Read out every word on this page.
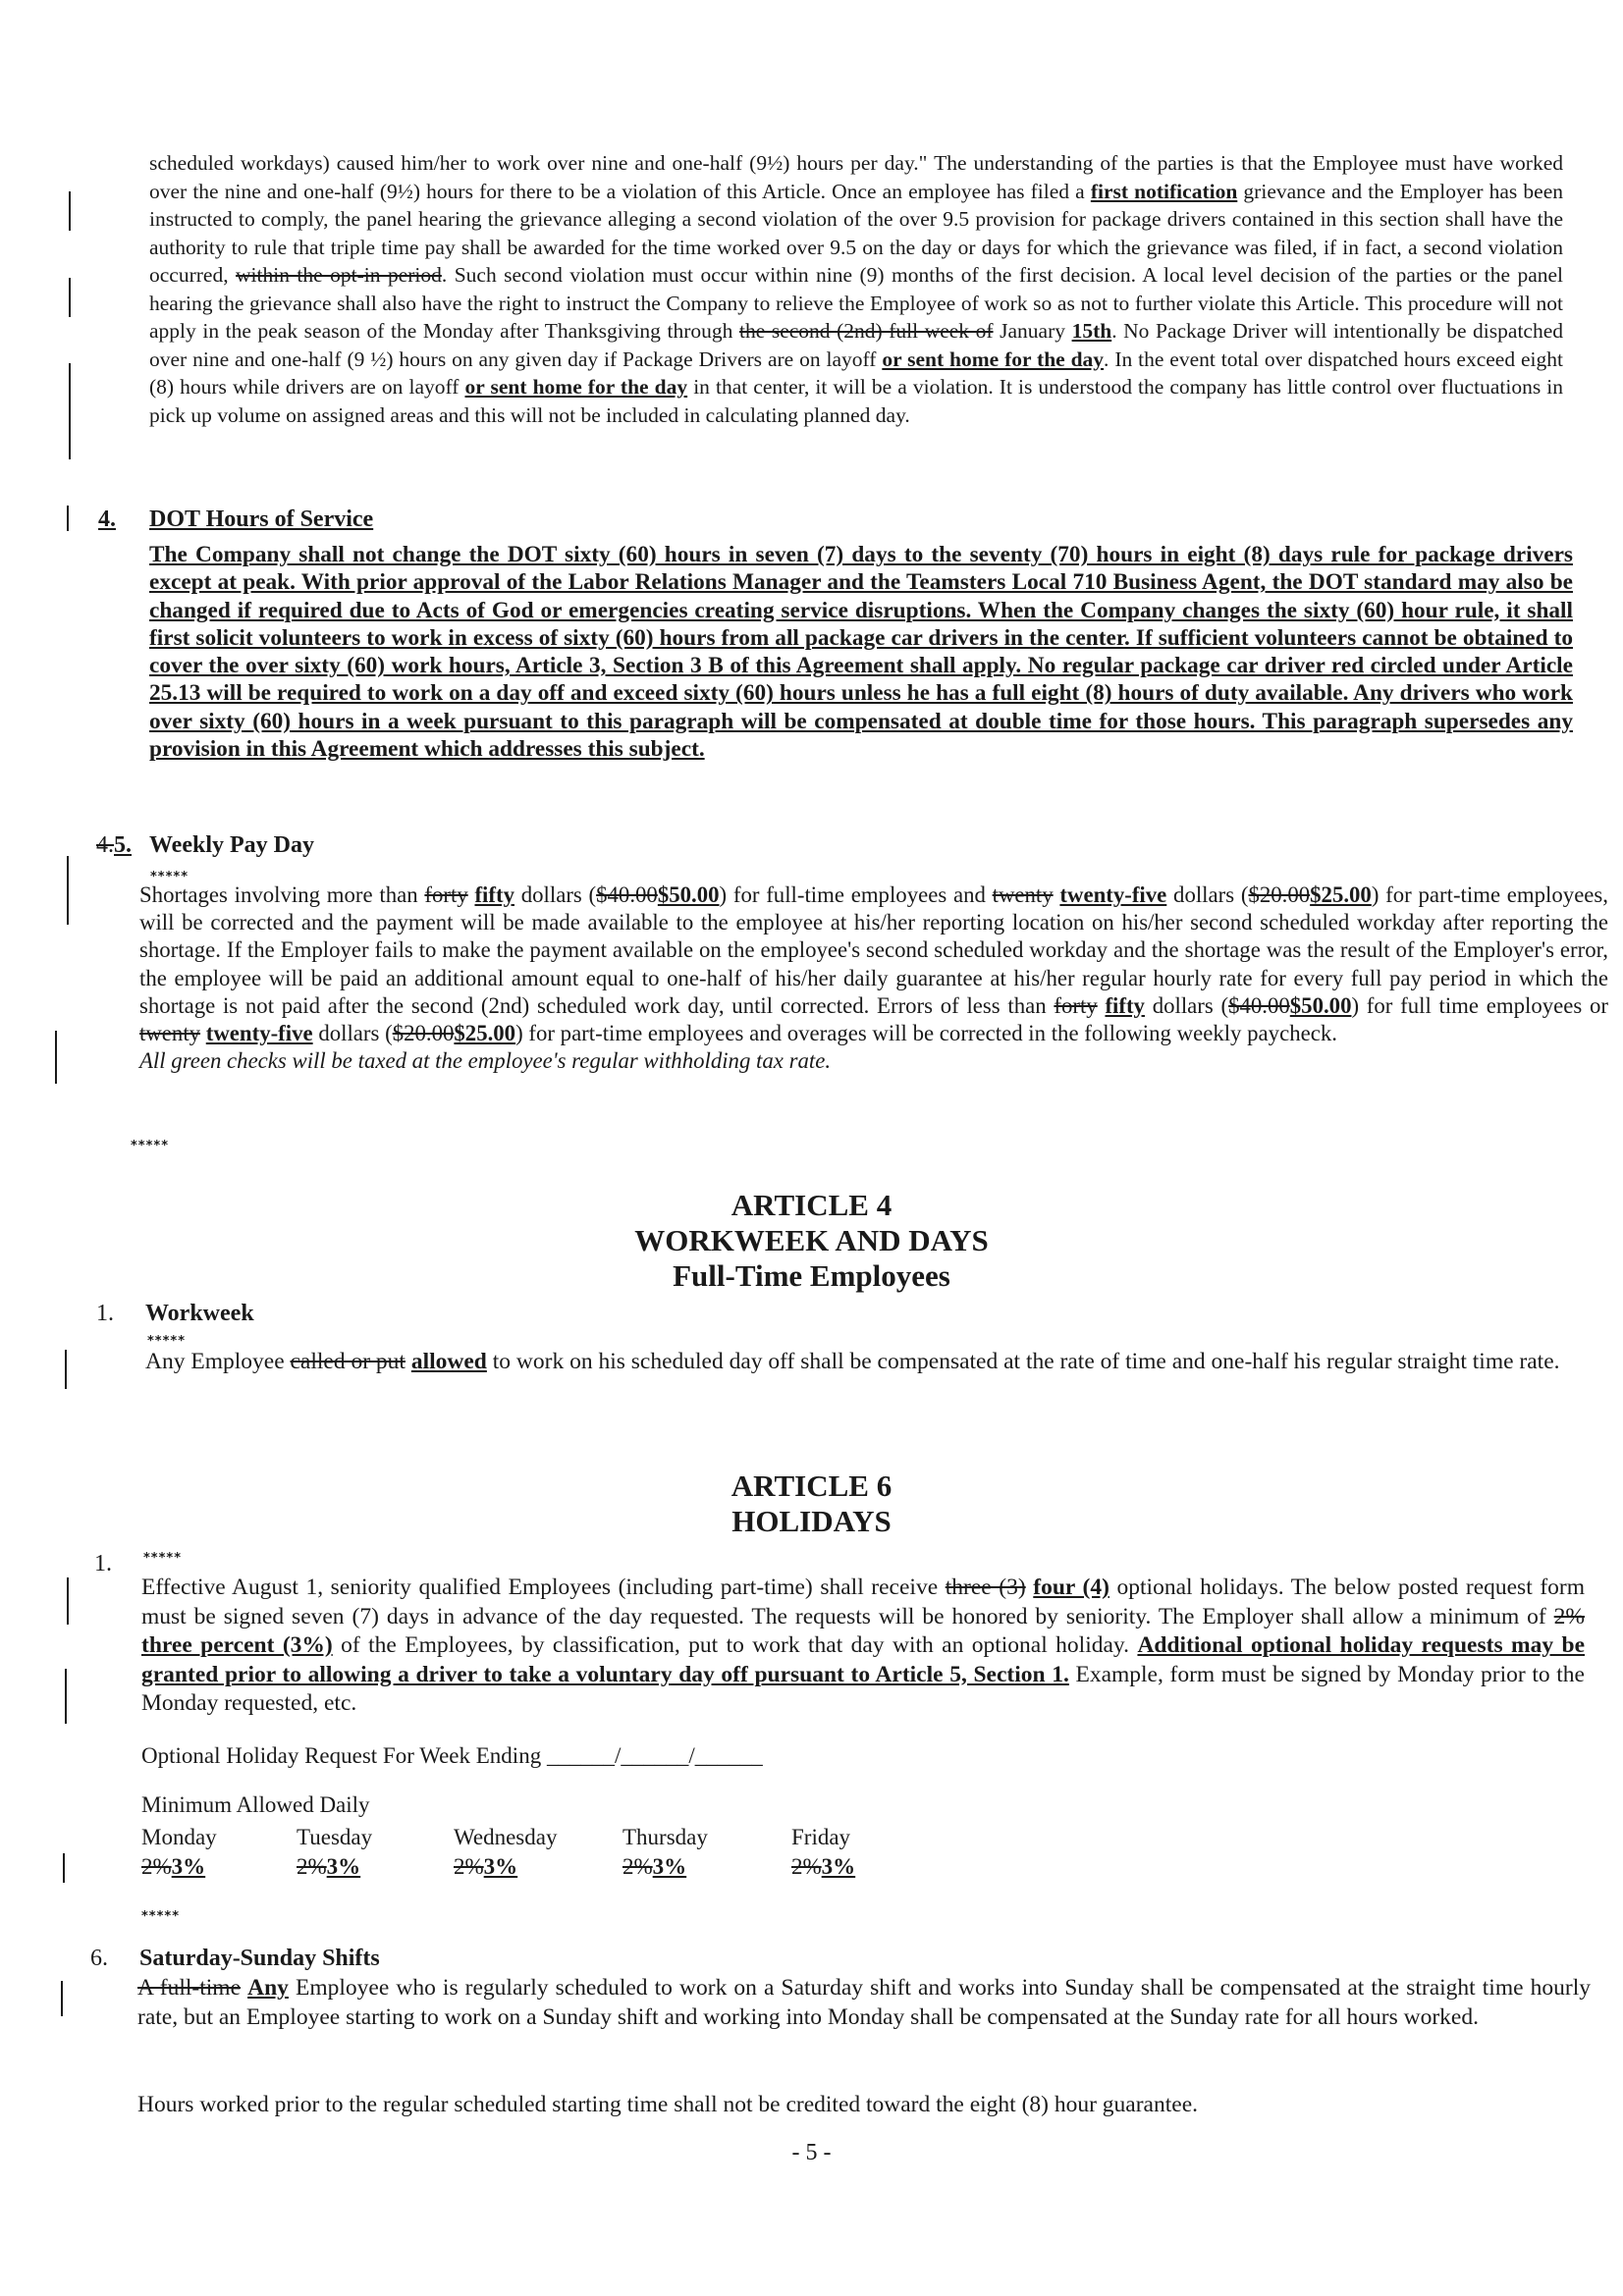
scheduled workdays) caused him/her to work over nine and one-half (9½) hours per day." The understanding of the parties is that the Employee must have worked over the nine and one-half (9½) hours for there to be a violation of this Article. Once an employee has filed a first notification grievance and the Employer has been instructed to comply, the panel hearing the grievance alleging a second violation of the over 9.5 provision for package drivers contained in this section shall have the authority to rule that triple time pay shall be awarded for the time worked over 9.5 on the day or days for which the grievance was filed, if in fact, a second violation occurred, within the opt-in period. Such second violation must occur within nine (9) months of the first decision. A local level decision of the parties or the panel hearing the grievance shall also have the right to instruct the Company to relieve the Employee of work so as not to further violate this Article. This procedure will not apply in the peak season of the Monday after Thanksgiving through the second (2nd) full week of January 15th. No Package Driver will intentionally be dispatched over nine and one-half (9 ½) hours on any given day if Package Drivers are on layoff or sent home for the day. In the event total over dispatched hours exceed eight (8) hours while drivers are on layoff or sent home for the day in that center, it will be a violation. It is understood the company has little control over fluctuations in pick up volume on assigned areas and this will not be included in calculating planned day.

4. DOT Hours of Service

The Company shall not change the DOT sixty (60) hours in seven (7) days to the seventy (70) hours in eight (8) days rule for package drivers except at peak. With prior approval of the Labor Relations Manager and the Teamsters Local 710 Business Agent, the DOT standard may also be changed if required due to Acts of God or emergencies creating service disruptions. When the Company changes the sixty (60) hour rule, it shall first solicit volunteers to work in excess of sixty (60) hours from all package car drivers in the center. If sufficient volunteers cannot be obtained to cover the over sixty (60) work hours, Article 3, Section 3 B of this Agreement shall apply. No regular package car driver red circled under Article 25.13 will be required to work on a day off and exceed sixty (60) hours unless he has a full eight (8) hours of duty available. Any drivers who work over sixty (60) hours in a week pursuant to this paragraph will be compensated at double time for those hours. This paragraph supersedes any provision in this Agreement which addresses this subject.

4.5. Weekly Pay Day
*****

Shortages involving more than forty fifty dollars ($40.00$50.00) for full-time employees and twenty twenty-five dollars ($20.00$25.00) for part-time employees, will be corrected and the payment will be made available to the employee at his/her reporting location on his/her second scheduled workday after reporting the shortage. If the Employer fails to make the payment available on the employee's second scheduled workday and the shortage was the result of the Employer's error, the employee will be paid an additional amount equal to one-half of his/her daily guarantee at his/her regular hourly rate for every full pay period in which the shortage is not paid after the second (2nd) scheduled work day, until corrected. Errors of less than forty fifty dollars ($40.00$50.00) for full time employees or twenty twenty-five dollars ($20.00$25.00) for part-time employees and overages will be corrected in the following weekly paycheck.
All green checks will be taxed at the employee's regular withholding tax rate.

*****
ARTICLE 4
WORKWEEK AND DAYS
Full-Time Employees
1. Workweek
*****

Any Employee called or put allowed to work on his scheduled day off shall be compensated at the rate of time and one-half his regular straight time rate.

ARTICLE 6
HOLIDAYS
1. *****

Effective August 1, seniority qualified Employees (including part-time) shall receive three (3) four (4) optional holidays. The below posted request form must be signed seven (7) days in advance of the day requested. The requests will be honored by seniority. The Employer shall allow a minimum of 2% three percent (3%) of the Employees, by classification, put to work that day with an optional holiday. Additional optional holiday requests may be granted prior to allowing a driver to take a voluntary day off pursuant to Article 5, Section 1. Example, form must be signed by Monday prior to the Monday requested, etc.

Optional Holiday Request For Week Ending ______/______/______
Minimum Allowed Daily
Monday	Tuesday	Wednesday	Thursday	Friday
2%3%	2%3%	2%3%	2%3%	2%3%
*****
6. Saturday-Sunday Shifts

A full-time Any Employee who is regularly scheduled to work on a Saturday shift and works into Sunday shall be compensated at the straight time hourly rate, but an Employee starting to work on a Sunday shift and working into Monday shall be compensated at the Sunday rate for all hours worked.

Hours worked prior to the regular scheduled starting time shall not be credited toward the eight (8) hour guarantee.

- 5 -
